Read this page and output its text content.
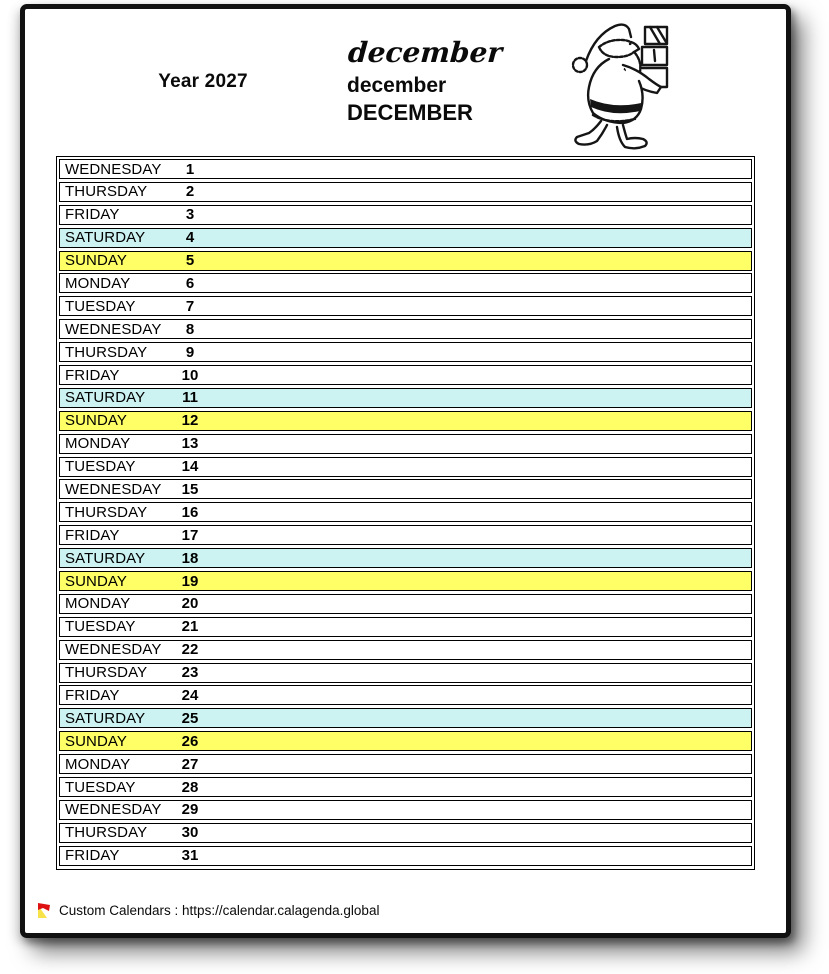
Year 2027
december
december
DECEMBER
WEDNESDAY	1
THURSDAY	2
FRIDAY	3
SATURDAY	4
SUNDAY	5
MONDAY	6
TUESDAY	7
WEDNESDAY	8
THURSDAY	9
FRIDAY	10
SATURDAY	11
SUNDAY	12
MONDAY	13
TUESDAY	14
WEDNESDAY	15
THURSDAY	16
FRIDAY	17
SATURDAY	18
SUNDAY	19
MONDAY	20
TUESDAY	21
WEDNESDAY	22
THURSDAY	23
FRIDAY	24
SATURDAY	25
SUNDAY	26
MONDAY	27
TUESDAY	28
WEDNESDAY	29
THURSDAY	30
FRIDAY	31
Custom Calendars : https://calendar.calagenda.global
